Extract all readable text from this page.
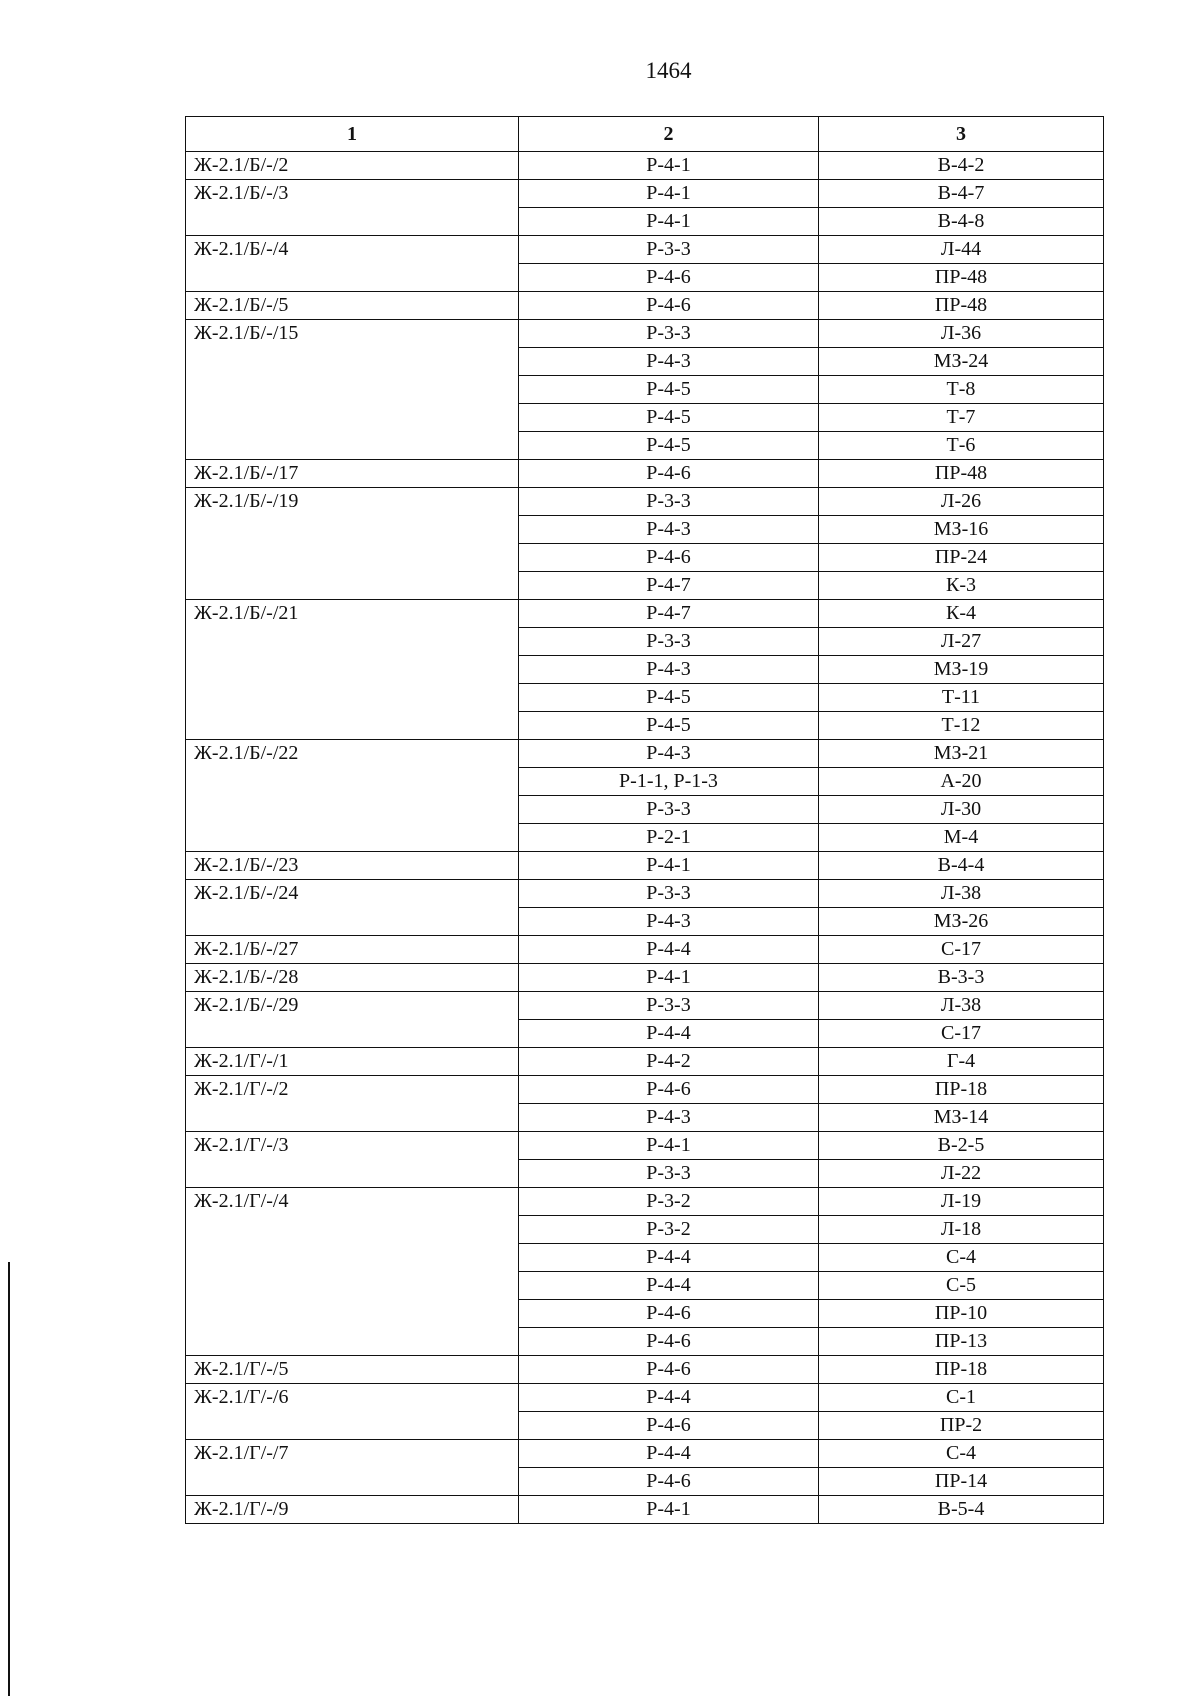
1464
1	2	3
Ж-2.1/Б/-/2	Р-4-1	В-4-2
Ж-2.1/Б/-/3	Р-4-1	В-4-7
	Р-4-1	В-4-8
Ж-2.1/Б/-/4	Р-3-3	Л-44
	Р-4-6	ПР-48
Ж-2.1/Б/-/5	Р-4-6	ПР-48
Ж-2.1/Б/-/15	Р-3-3	Л-36
	Р-4-3	МЗ-24
	Р-4-5	Т-8
	Р-4-5	Т-7
	Р-4-5	Т-6
Ж-2.1/Б/-/17	Р-4-6	ПР-48
Ж-2.1/Б/-/19	Р-3-3	Л-26
	Р-4-3	МЗ-16
	Р-4-6	ПР-24
	Р-4-7	К-3
Ж-2.1/Б/-/21	Р-4-7	К-4
	Р-3-3	Л-27
	Р-4-3	МЗ-19
	Р-4-5	Т-11
	Р-4-5	Т-12
Ж-2.1/Б/-/22	Р-4-3	МЗ-21
	Р-1-1, Р-1-3	А-20
	Р-3-3	Л-30
	Р-2-1	М-4
Ж-2.1/Б/-/23	Р-4-1	В-4-4
Ж-2.1/Б/-/24	Р-3-3	Л-38
	Р-4-3	МЗ-26
Ж-2.1/Б/-/27	Р-4-4	С-17
Ж-2.1/Б/-/28	Р-4-1	В-3-3
Ж-2.1/Б/-/29	Р-3-3	Л-38
	Р-4-4	С-17
Ж-2.1/Г/-/1	Р-4-2	Г-4
Ж-2.1/Г/-/2	Р-4-6	ПР-18
	Р-4-3	МЗ-14
Ж-2.1/Г/-/3	Р-4-1	В-2-5
	Р-3-3	Л-22
Ж-2.1/Г/-/4	Р-3-2	Л-19
	Р-3-2	Л-18
	Р-4-4	С-4
	Р-4-4	С-5
	Р-4-6	ПР-10
	Р-4-6	ПР-13
Ж-2.1/Г/-/5	Р-4-6	ПР-18
Ж-2.1/Г/-/6	Р-4-4	С-1
	Р-4-6	ПР-2
Ж-2.1/Г/-/7	Р-4-4	С-4
	Р-4-6	ПР-14
Ж-2.1/Г/-/9	Р-4-1	В-5-4
